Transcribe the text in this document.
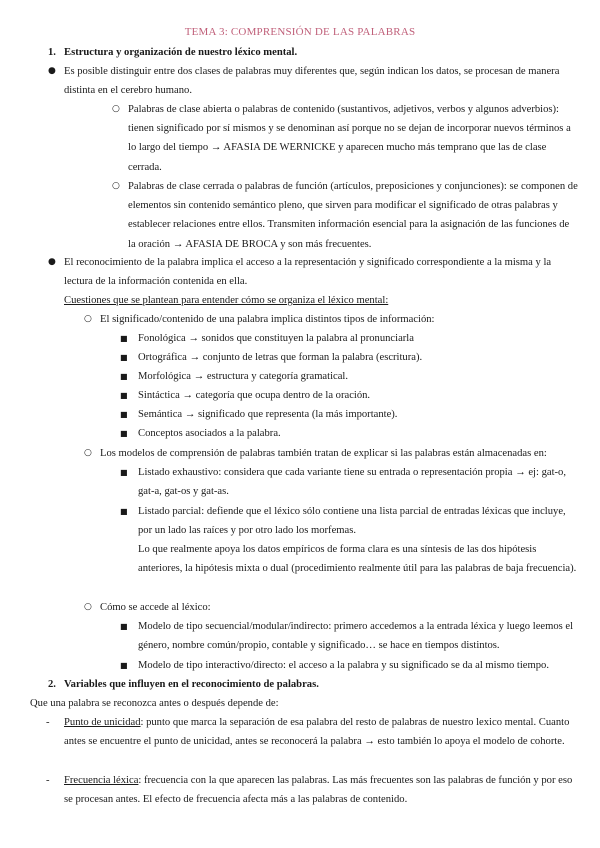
TEMA 3: COMPRENSIÓN DE LAS PALABRAS
1. Estructura y organización de nuestro léxico mental.
● Es posible distinguir entre dos clases de palabras muy diferentes que, según indican los datos, se procesan de manera distinta en el cerebro humano.
○ Palabras de clase abierta o palabras de contenido (sustantivos, adjetivos, verbos y algunos adverbios): tienen significado por sí mismos y se denominan así porque no se dejan de incorporar nuevos términos a lo largo del tiempo → AFASIA DE WERNICKE y aparecen mucho más temprano que las de clase cerrada.
○ Palabras de clase cerrada o palabras de función (artículos, preposiciones y conjunciones): se componen de elementos sin contenido semántico pleno, que sirven para modificar el significado de otras palabras y establecer relaciones entre ellos. Transmiten información esencial para la asignación de las funciones de la oración → AFASIA DE BROCA y son más frecuentes.
● El reconocimiento de la palabra implica el acceso a la representación y significado correspondiente a la misma y la lectura de la información contenida en ella.
Cuestiones que se plantean para entender cómo se organiza el léxico mental:
○ El significado/contenido de una palabra implica distintos tipos de información:
■ Fonológica → sonidos que constituyen la palabra al pronunciarla
■ Ortográfica → conjunto de letras que forman la palabra (escritura).
■ Morfológica → estructura y categoría gramatical.
■ Sintáctica → categoría que ocupa dentro de la oración.
■ Semántica → significado que representa (la más importante).
■ Conceptos asociados a la palabra.
○ Los modelos de comprensión de palabras también tratan de explicar si las palabras están almacenadas en:
■ Listado exhaustivo: considera que cada variante tiene su entrada o representación propia → ej: gat-o, gat-a, gat-os y gat-as.
■ Listado parcial: defiende que el léxico sólo contiene una lista parcial de entradas léxicas que incluye, por un lado las raíces y por otro lado los morfemas.
Lo que realmente apoya los datos empíricos de forma clara es una síntesis de las dos hipótesis anteriores, la hipótesis mixta o dual (procedimiento realmente útil para las palabras de baja frecuencia).
○ Cómo se accede al léxico:
■ Modelo de tipo secuencial/modular/indirecto: primero accedemos a la entrada léxica y luego leemos el género, nombre común/propio, contable y significado… se hace en tiempos distintos.
■ Modelo de tipo interactivo/directo: el acceso a la palabra y su significado se da al mismo tiempo.
2. Variables que influyen en el reconocimiento de palabras.
Que una palabra se reconozca antes o después depende de:
- Punto de unicidad: punto que marca la separación de esa palabra del resto de palabras de nuestro lexico mental. Cuanto antes se encuentre el punto de unicidad, antes se reconocerá la palabra → esto también lo apoya el modelo de cohorte.
- Frecuencia léxica: frecuencia con la que aparecen las palabras. Las más frecuentes son las palabras de función y por eso se procesan antes. El efecto de frecuencia afecta más a las palabras de contenido.
